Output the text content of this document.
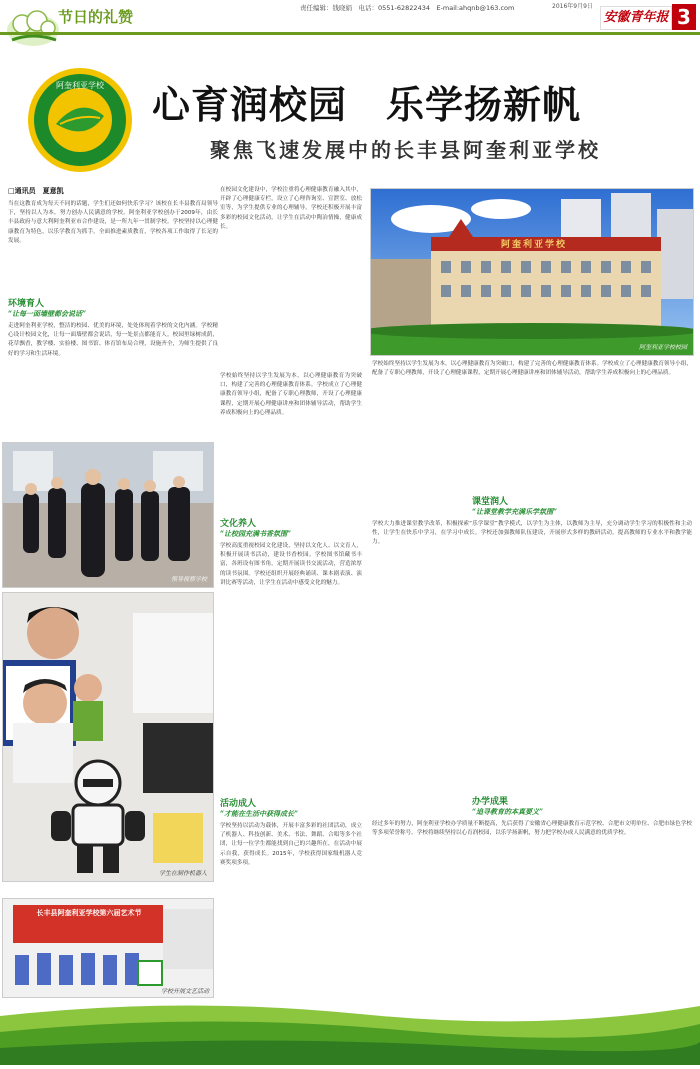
节日的礼赞	责任编辑：钱晓娟　电话：0551-62822434　E-mail:ahqnb@163.com	2016年9月9日
安徽青年报 3
阿奎利亚学校 心育润校园　乐学扬新帆
聚焦飞速发展中的长丰县阿奎利亚学校
□通讯员　夏意凯
当在这教育成为每天不同的话题，学生们还如何快乐学习？该校在长丰县教育局领导下，坚持以人为本，努力创办人民满意的学校。阿奎利亚学校创办于2009年，由长丰县政府与意大利阿奎利亚市合作建设，是一所九年一贯制学校。学校坚持以心理健康教育为特色，以乐学教育为抓手，全面推进素质教育，学校各项工作取得了长足的发展。
环境育人
“让每一面墙壁都会说话”
走进阿奎利亚学校，整洁的校园、优美的环境，处处体现着学校的文化内涵。学校精心设计校园文化，让每一面墙壁都会说话，每一处景点都能育人。校园里绿树成荫，花草飘香，教学楼、实验楼、图书馆、体育馆布局合理，设施齐全，为师生提供了良好的学习和生活环境。
领导视察学校
学生在制作机器人
长丰县阿奎利亚学校第六届艺术节
学校开展文艺活动
阿奎利亚学校
阿奎利亚学校校园
在校园文化建设中，学校注重将心理健康教育融入其中，开辟了心理健康专栏，设立了心理咨询室、宣泄室、放松室等，为学生提供专业的心理辅导。学校还积极开展丰富多彩的校园文化活动，让学生在活动中陶冶情操，健康成长。
学校始终坚持以学生发展为本，以心理健康教育为突破口，构建了完善的心理健康教育体系。学校成立了心理健康教育领导小组，配备了专职心理教师，开设了心理健康课程，定期开展心理健康讲座和团体辅导活动，帮助学生养成积极向上的心理品质。
文化养人
“让校园充满书香氛围”
学校高度重视校园文化建设，坚持以文化人、以文育人，积极开展读书活动，建设书香校园。学校图书馆藏书丰富，各班设有图书角，定期开展读书交流活动，营造浓厚的读书氛围。学校还组织开展经典诵读、课本剧表演、演讲比赛等活动，让学生在活动中感受文化的魅力。
活动成人
“才能在生活中获得成长”
学校坚持以活动为载体，开展丰富多彩的社团活动，成立了机器人、科技创新、美术、书法、舞蹈、合唱等多个社团，让每一位学生都能找到自己的兴趣所在，在活动中展示自我，获得成长。2015年，学校获得国家级机器人竞赛奖项多项。
学校始终坚持以学生发展为本，以心理健康教育为突破口，构建了完善的心理健康教育体系。学校成立了心理健康教育领导小组，配备了专职心理教师，开设了心理健康课程，定期开展心理健康讲座和团体辅导活动，帮助学生养成积极向上的心理品质。
课堂润人
“让课堂教学充满乐学氛围”
学校大力推进课堂教学改革，积极探索“乐学课堂”教学模式，以学生为主体，以教师为主导，充分调动学生学习的积极性和主动性，让学生在快乐中学习，在学习中成长。学校还加强教师队伍建设，开展形式多样的教研活动，提高教师的专业水平和教学能力。
办学成果
“追寻教育的本真要义”
经过多年的努力，阿奎利亚学校办学质量不断提高，先后获得了安徽省心理健康教育示范学校、合肥市文明单位、合肥市绿色学校等多项荣誉称号。学校将继续坚持以心育润校园，以乐学扬新帆，努力把学校办成人民满意的优质学校。
